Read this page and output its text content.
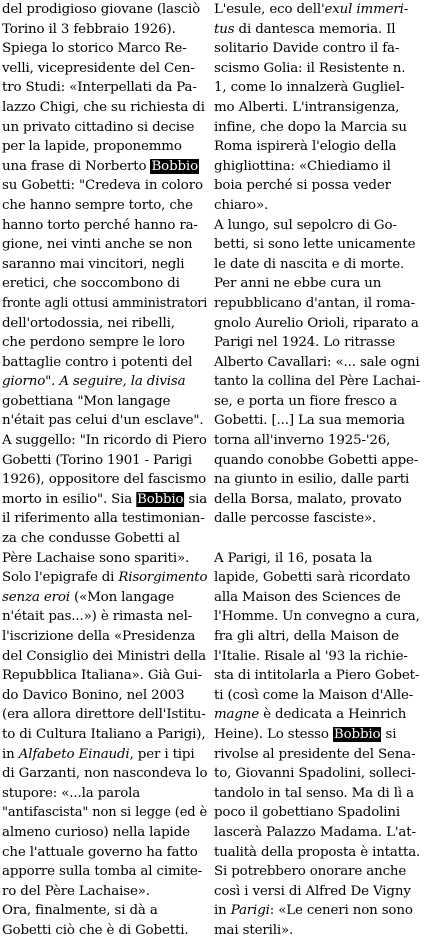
del prodigioso giovane (lasciò
Torino il 3 febbraio 1926).
Spiega lo storico Marco Re-
velli, vicepresidente del Cen-
tro Studi: «Interpellati da Pa-
lazzo Chigi, che su richiesta di
un privato cittadino si decise
per la lapide, proponemmo
una frase di Norberto Bobbio
su Gobetti: "Credeva in coloro
che hanno sempre torto, che
hanno torto perché hanno ra-
gione, nei vinti anche se non
saranno mai vincitori, negli
eretici, che soccombono di
fronte agli ottusi amministratori
dell'ortodossia, nei ribelli,
che perdono sempre le loro
battaglie contro i potenti del
giorno". A seguire, la divisa
gobettiana "Mon langage
n'était pas celui d'un esclave".
A suggello: "In ricordo di Piero
Gobetti (Torino 1901 - Parigi
1926), oppositore del fascismo
morto in esilio". Sia Bobbio sia
il riferimento alla testimonian-
za che condusse Gobetti al
Père Lachaise sono spariti».
Solo l'epigrafe di Risorgimento
senza eroi («Mon langage
n'était pas...») è rimasta nel-
l'iscrizione della «Presidenza
del Consiglio dei Ministri della
Repubblica Italiana». Già Gui-
do Davico Bonino, nel 2003
(era allora direttore dell'Istitu-
to di Cultura Italiano a Parigi),
in Alfabeto Einaudi, per i tipi
di Garzanti, non nascondeva lo
stupore: «...la parola
"antifascista" non si legge (ed è
almeno curioso) nella lapide
che l'attuale governo ha fatto
apporre sulla tomba al cimite-
ro del Père Lachaise».
Ora, finalmente, si dà a
Gobetti ciò che è di Gobetti.
L'esule, eco dell'exul immeri-
tus di dantesca memoria. Il
solitario Davide contro il fa-
scismo Golia: il Resistente n.
1, come lo innalzerà Gugliel-
mo Alberti. L'intransigenza,
infine, che dopo la Marcia su
Roma ispirerà l'elogio della
ghigliottina: «Chiediamo il
boia perché si possa veder
chiaro».
A lungo, sul sepolcro di Go-
betti, si sono lette unicamente
le date di nascita e di morte.
Per anni ne ebbe cura un
repubblicano d'antan, il roma-
gnolo Aurelio Orioli, riparato a
Parigi nel 1924. Lo ritrasse
Alberto Cavallari: «... sale ogni
tanto la collina del Père Lachai-
se, e porta un fiore fresco a
Gobetti. [...] La sua memoria
torna all'inverno 1925-'26,
quando conobbe Gobetti appe-
na giunto in esilio, dalle parti
della Borsa, malato, provato
dalle percosse fasciste».
A Parigi, il 16, posata la
lapide, Gobetti sarà ricordato
alla Maison des Sciences de
l'Homme. Un convegno a cura,
fra gli altri, della Maison de
l'Italie. Risale al '93 la richie-
sta di intitolarla a Piero Gobet-
ti (così come la Maison d'Alle-
magne è dedicata a Heinrich
Heine). Lo stesso Bobbio si
rivolse al presidente del Sena-
to, Giovanni Spadolini, solleci-
tandolo in tal senso. Ma di lì a
poco il gobettiano Spadolini
lascerà Palazzo Madama. L'at-
tualità della proposta è intatta.
Si potrebbero onorare anche
così i versi di Alfred De Vigny
in Parigi: «Le ceneri non sono
mai sterili».
